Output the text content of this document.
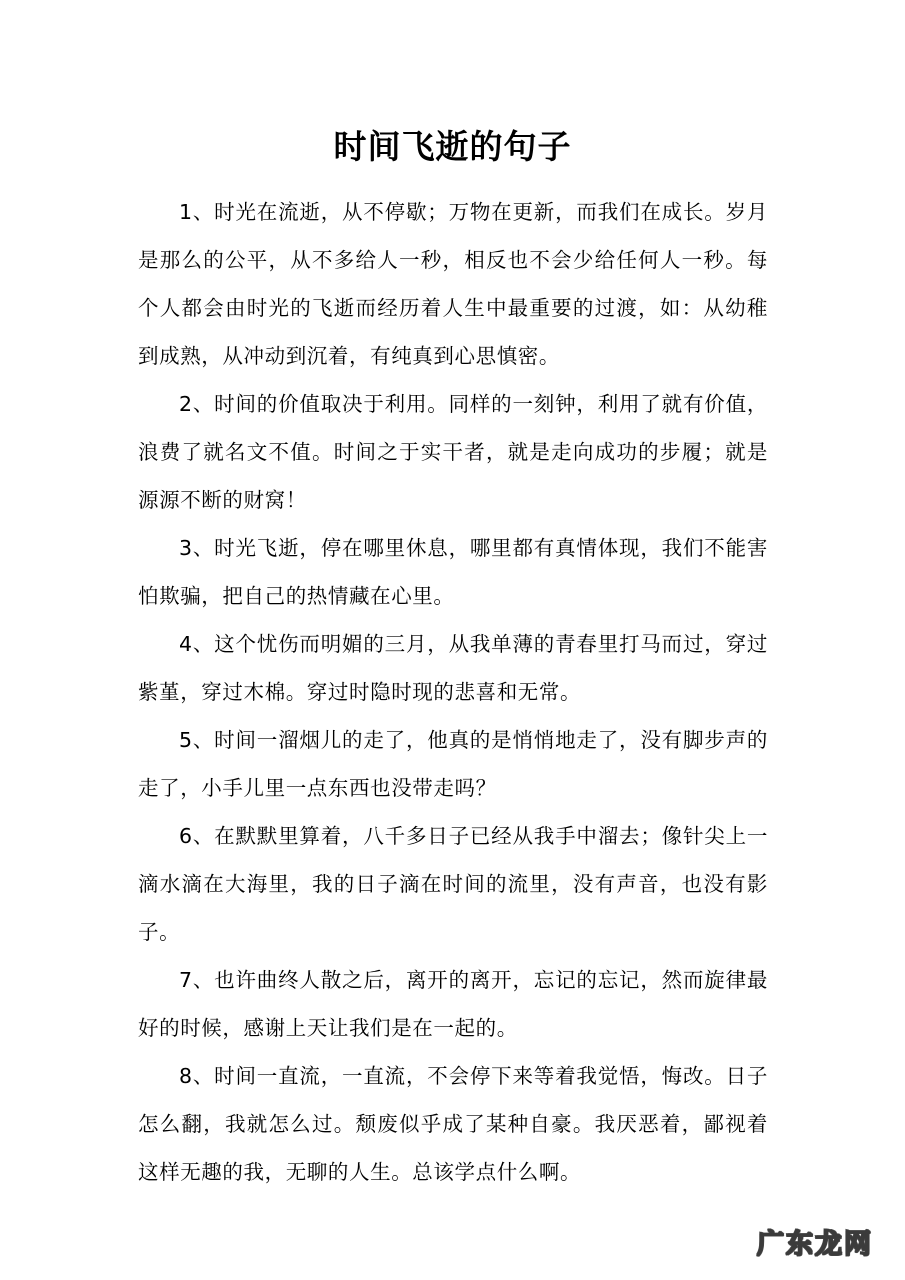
时间飞逝的句子

1、时光在流逝，从不停歇；万物在更新，而我们在成长。岁月是那么的公平，从不多给人一秒，相反也不会少给任何人一秒。每个人都会由时光的飞逝而经历着人生中最重要的过渡，如：从幼稚到成熟，从冲动到沉着，有纯真到心思慎密。

2、时间的价值取决于利用。同样的一刻钟，利用了就有价值，浪费了就名文不值。时间之于实干者，就是走向成功的步履；就是源源不断的财窝！

3、时光飞逝，停在哪里休息，哪里都有真情体现，我们不能害怕欺骗，把自己的热情藏在心里。

4、这个忧伤而明媚的三月，从我单薄的青春里打马而过，穿过紫堇，穿过木棉。穿过时隐时现的悲喜和无常。

5、时间一溜烟儿的走了，他真的是悄悄地走了，没有脚步声的走了，小手儿里一点东西也没带走吗？

6、在默默里算着，八千多日子已经从我手中溜去；像针尖上一滴水滴在大海里，我的日子滴在时间的流里，没有声音，也没有影子。

7、也许曲终人散之后，离开的离开，忘记的忘记，然而旋律最好的时候，感谢上天让我们是在一起的。

8、时间一直流，一直流，不会停下来等着我觉悟，悔改。日子怎么翻，我就怎么过。颓废似乎成了某种自豪。我厌恶着，鄙视着这样无趣的我，无聊的人生。总该学点什么啊。

广东龙网
